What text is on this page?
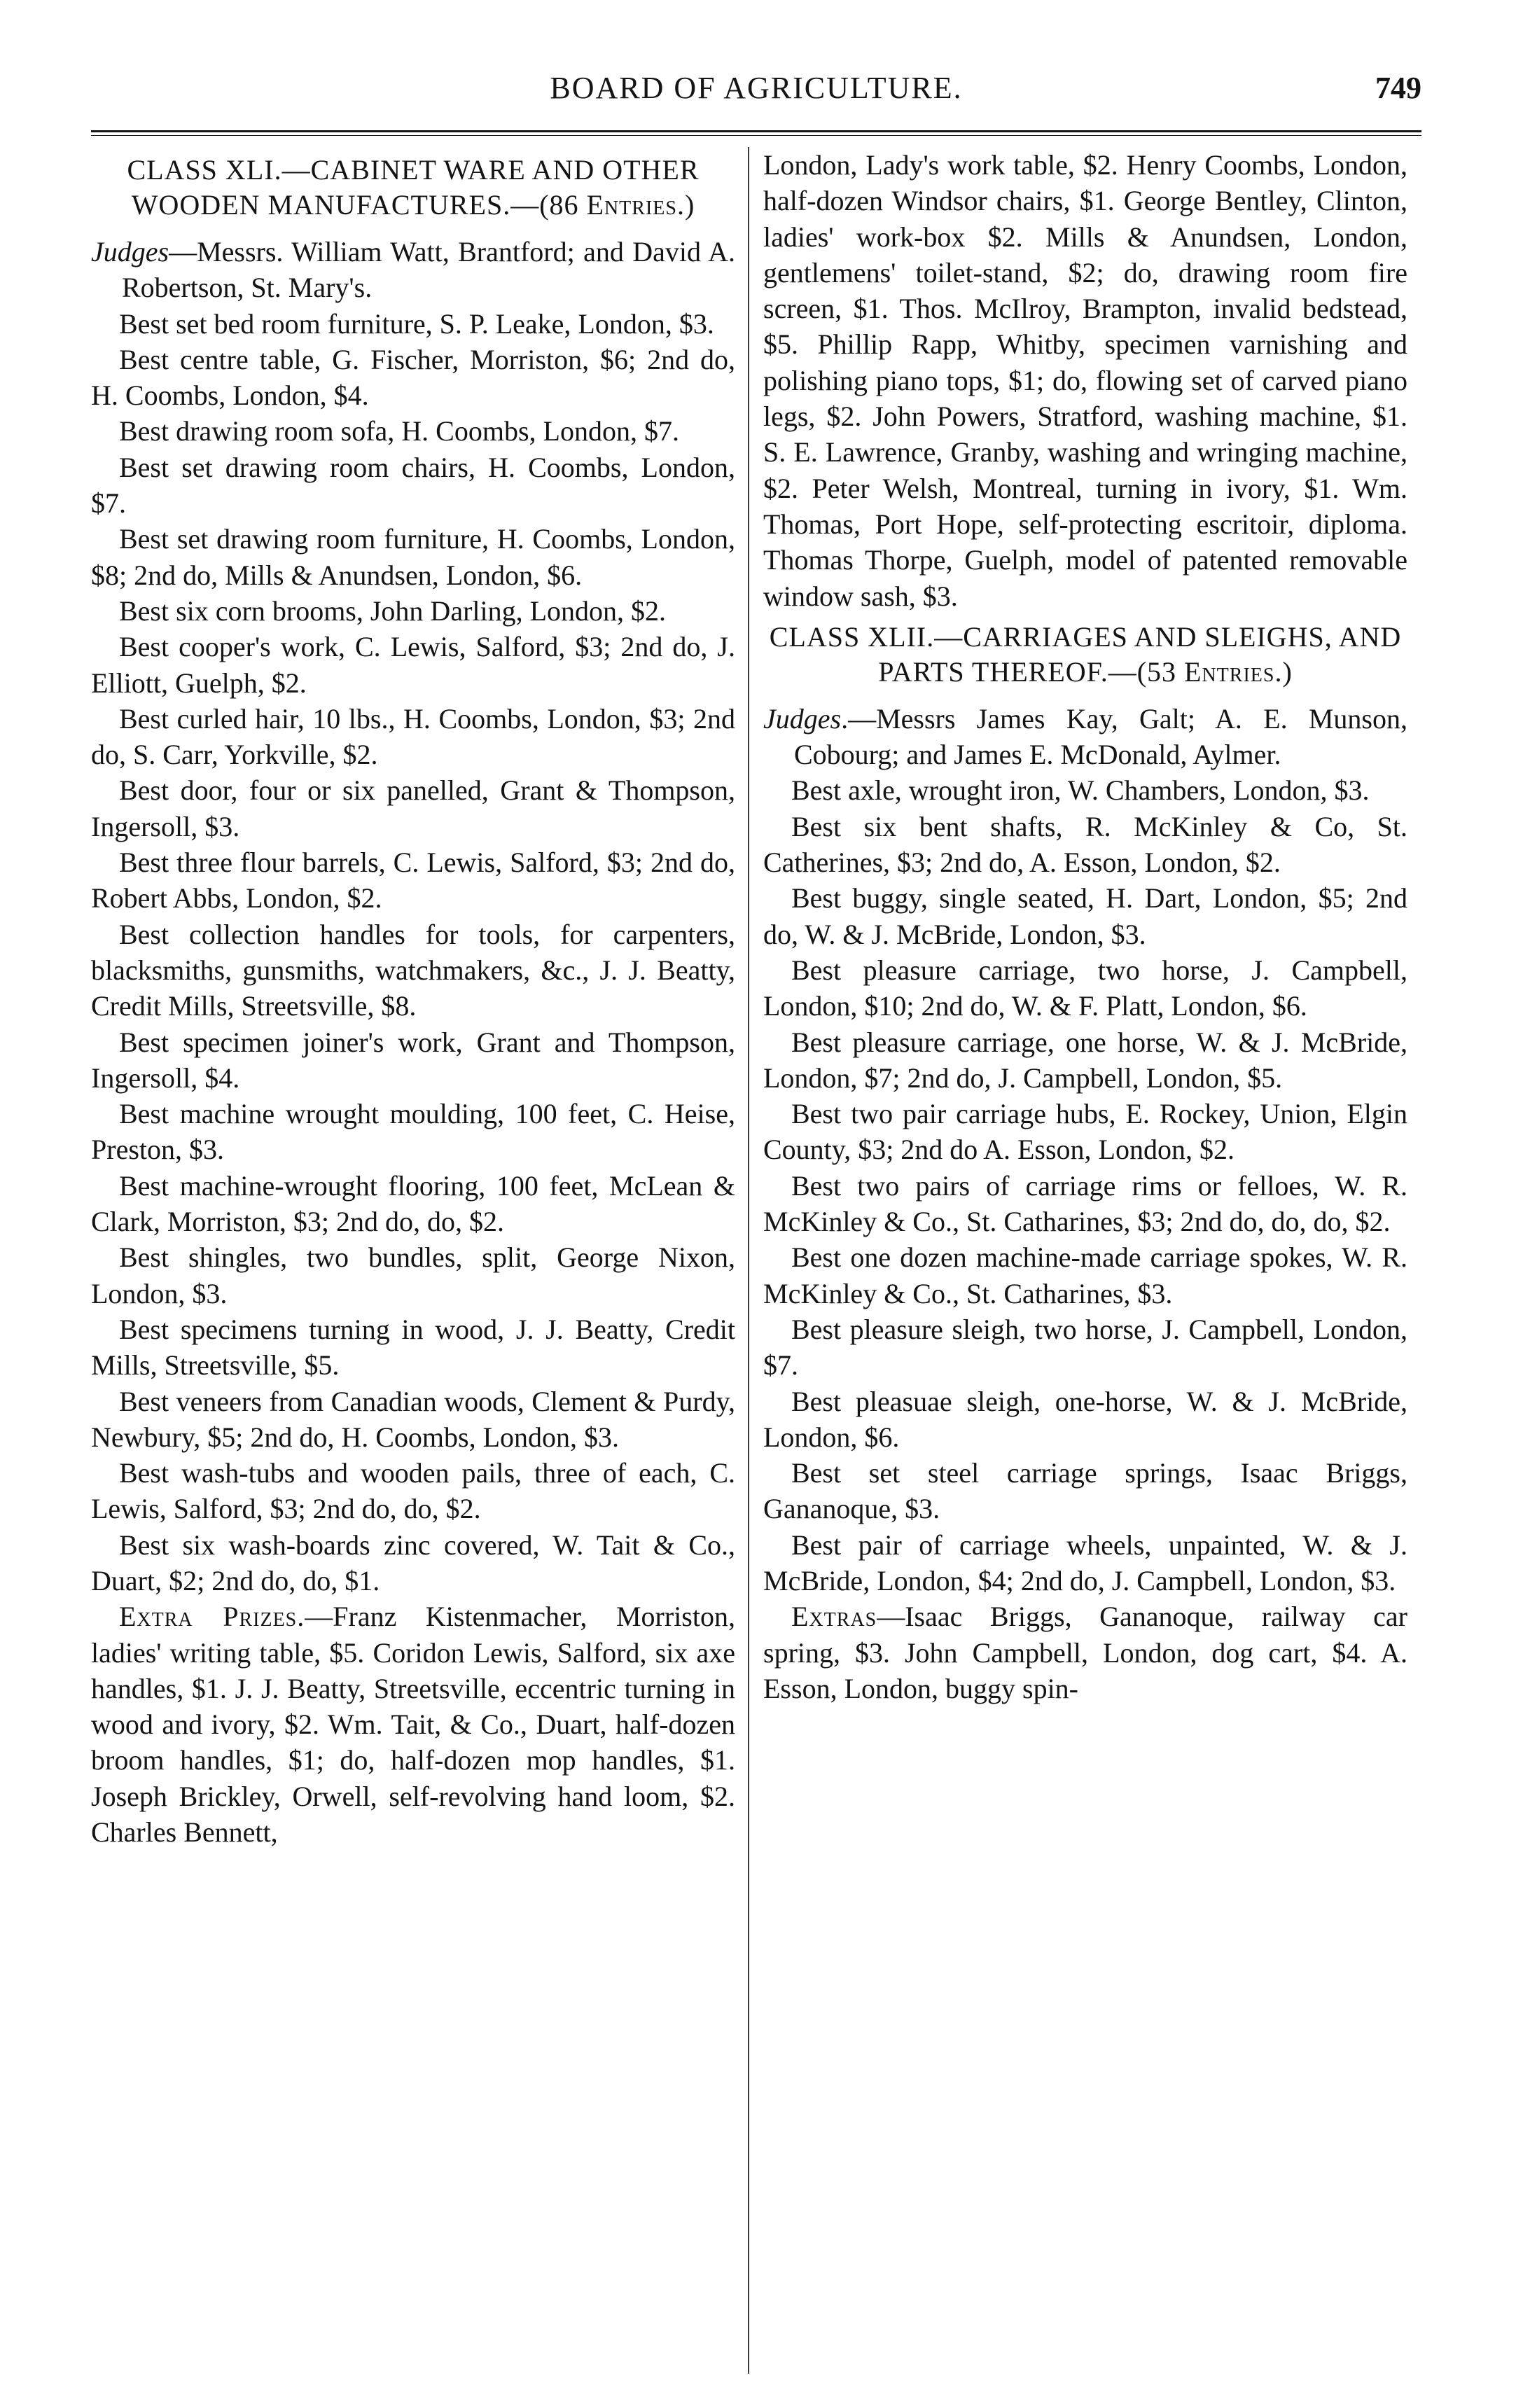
BOARD OF AGRICULTURE.	749

CLASS XLI.—CABINET WARE AND OTHER WOODEN MANUFACTURES.—(86 Entries.)

Judges—Messrs. William Watt, Brantford; and David A. Robertson, St. Mary's.

Best set bed room furniture, S. P. Leake, London, $3.

Best centre table, G. Fischer, Morriston, $6; 2nd do, H. Coombs, London, $4.

Best drawing room sofa, H. Coombs, London, $7.

Best set drawing room chairs, H. Coombs, London, $7.

Best set drawing room furniture, H. Coombs, London, $8; 2nd do, Mills & Anundsen, London, $6.

Best six corn brooms, John Darling, London, $2.

Best cooper's work, C. Lewis, Salford, $3; 2nd do, J. Elliott, Guelph, $2.

Best curled hair, 10 lbs., H. Coombs, London, $3; 2nd do, S. Carr, Yorkville, $2.

Best door, four or six panelled, Grant & Thompson, Ingersoll, $3.

Best three flour barrels, C. Lewis, Salford, $3; 2nd do, Robert Abbs, London, $2.

Best collection handles for tools, for carpenters, blacksmiths, gunsmiths, watchmakers, &c., J. J. Beatty, Credit Mills, Streetsville, $8.

Best specimen joiner's work, Grant and Thompson, Ingersoll, $4.

Best machine wrought moulding, 100 feet, C. Heise, Preston, $3.

Best machine-wrought flooring, 100 feet, McLean & Clark, Morriston, $3; 2nd do, do, $2.

Best shingles, two bundles, split, George Nixon, London, $3.

Best specimens turning in wood, J. J. Beatty, Credit Mills, Streetsville, $5.

Best veneers from Canadian woods, Clement & Purdy, Newbury, $5; 2nd do, H. Coombs, London, $3.

Best wash-tubs and wooden pails, three of each, C. Lewis, Salford, $3; 2nd do, do, $2.

Best six wash-boards zinc covered, W. Tait & Co., Duart, $2; 2nd do, do, $1.

Extra Prizes.—Franz Kistenmacher, Morriston, ladies' writing table, $5. Coridon Lewis, Salford, six axe handles, $1. J. J. Beatty, Streetsville, eccentric turning in wood and ivory, $2. Wm. Tait, & Co., Duart, half-dozen broom handles, $1; do, half-dozen mop handles, $1. Joseph Brickley, Orwell, self-revolving hand loom, $2. Charles Bennett,

London, Lady's work table, $2. Henry Coombs, London, half-dozen Windsor chairs, $1. George Bentley, Clinton, ladies' work-box $2. Mills & Anundsen, London, gentlemens' toilet-stand, $2; do, drawing room fire screen, $1. Thos. McIlroy, Brampton, invalid bedstead, $5. Phillip Rapp, Whitby, specimen varnishing and polishing piano tops, $1; do, flowing set of carved piano legs, $2. John Powers, Stratford, washing machine, $1. S. E. Lawrence, Granby, washing and wringing machine, $2. Peter Welsh, Montreal, turning in ivory, $1. Wm. Thomas, Port Hope, self-protecting escritoir, diploma. Thomas Thorpe, Guelph, model of patented removable window sash, $3.

CLASS XLII.—CARRIAGES AND SLEIGHS, AND PARTS THEREOF.—(53 Entries.)

Judges.—Messrs James Kay, Galt; A. E. Munson, Cobourg; and James E. McDonald, Aylmer.

Best axle, wrought iron, W. Chambers, London, $3.

Best six bent shafts, R. McKinley & Co, St. Catherines, $3; 2nd do, A. Esson, London, $2.

Best buggy, single seated, H. Dart, London, $5; 2nd do, W. & J. McBride, London, $3.

Best pleasure carriage, two horse, J. Campbell, London, $10; 2nd do, W. & F. Platt, London, $6.

Best pleasure carriage, one horse, W. & J. McBride, London, $7; 2nd do, J. Campbell, London, $5.

Best two pair carriage hubs, E. Rockey, Union, Elgin County, $3; 2nd do A. Esson, London, $2.

Best two pairs of carriage rims or felloes, W. R. McKinley & Co., St. Catharines, $3; 2nd do, do, do, $2.

Best one dozen machine-made carriage spokes, W. R. McKinley & Co., St. Catharines, $3.

Best pleasure sleigh, two horse, J. Campbell, London, $7.

Best pleasuae sleigh, one-horse, W. & J. McBride, London, $6.

Best set steel carriage springs, Isaac Briggs, Gananoque, $3.

Best pair of carriage wheels, unpainted, W. & J. McBride, London, $4; 2nd do, J. Campbell, London, $3.

Extras—Isaac Briggs, Gananoque, railway car spring, $3. John Campbell, London, dog cart, $4. A. Esson, London, buggy spin-
